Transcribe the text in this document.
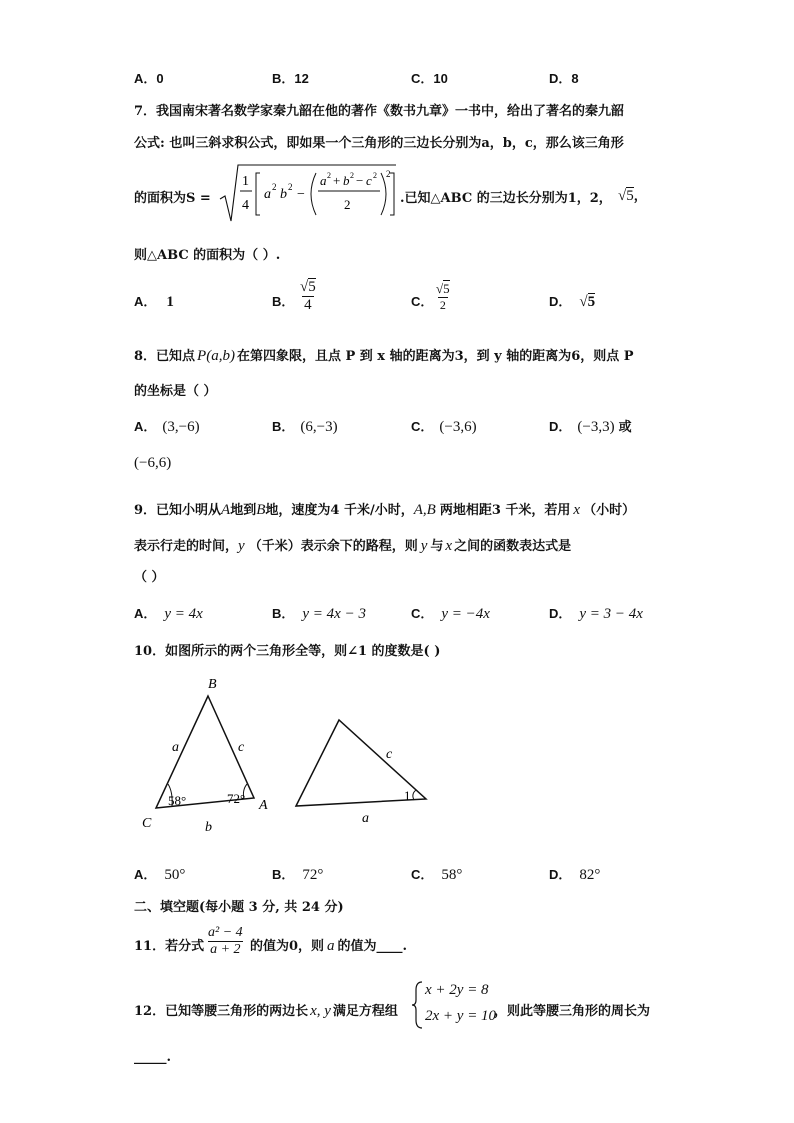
A．0	B．12	C．10	D．8
7．我国南宋著名数学家秦九韶在他的著作《数书九章》一书中，给出了著名的秦九韶
公式: 也叫三斜求积公式，即如果一个三角形的三边长分别为a，b，c，那么该三角形
的面积为S =
1
4
a 2 b 2 −
a 2 + b 2 − c 2
2
2
.已知△ABC 的三边长分别为1，2， √5，
则△ABC 的面积为（ ）.
A． 1	B． $\frac{√5}{4}$	C． $\frac{√5}{2}$	D． √5
8．已知点 P(a,b) 在第四象限，且点 P 到 x 轴的距离为3，到 y 轴的距离为6，则点 P
的坐标是（ ）
A． (3,−6)	B． (6,−3)	C． (−3,6)	D． (−3,3) 或
(−6,6)
9．已知小明从A地到B地，速度为4 千米/小时，A,B 两地相距3 千米，若用 x （小时）
表示行走的时间，y （千米）表示余下的路程，则 y 与 x 之间的函数表达式是
（ ）
A． y = 4x	B． y = 4x − 3	C． y = −4x	D． y = 3 − 4x
10．如图所示的两个三角形全等，则∠1 的度数是( )
B
a	c
C	b
A
58°	72°
c
1
a
A． 50°	B． 72°	C． 58°	D． 82°
二、填空题(每小题 3 分, 共 24 分)
11．若分式 $\frac{\text{a² − 4}}{a + 2}$ 的值为0，则 a 的值为____.
12．已知等腰三角形的两边长 x, y 满足方程组
x + 2y = 8
2x + y = 10
，则此等腰三角形的周长为
_____.
